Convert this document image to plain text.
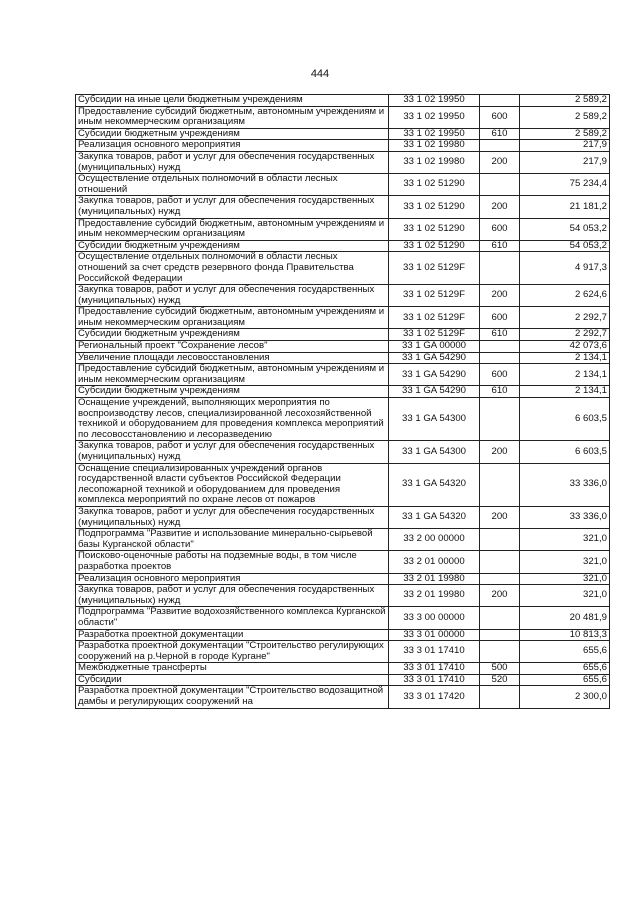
444
Субсидии на иные цели бюджетным учреждениям	33 1 02 19950		2 589,2
Предоставление субсидий бюджетным, автономным учреждениям и иным некоммерческим организациям	33 1 02 19950	600	2 589,2
Субсидии бюджетным учреждениям	33 1 02 19950	610	2 589,2
Реализация основного мероприятия	33 1 02 19980		217,9
Закупка товаров, работ и услуг для обеспечения государственных (муниципальных) нужд	33 1 02 19980	200	217,9
Осуществление отдельных полномочий в области лесных отношений	33 1 02 51290		75 234,4
Закупка товаров, работ и услуг для обеспечения государственных (муниципальных) нужд	33 1 02 51290	200	21 181,2
Предоставление субсидий бюджетным, автономным учреждениям и иным некоммерческим организациям	33 1 02 51290	600	54 053,2
Субсидии бюджетным учреждениям	33 1 02 51290	610	54 053,2
Осуществление отдельных полномочий в области лесных отношений за счет средств резервного фонда Правительства Российской Федерации	33 1 02 5129F		4 917,3
Закупка товаров, работ и услуг для обеспечения государственных (муниципальных) нужд	33 1 02 5129F	200	2 624,6
Предоставление субсидий бюджетным, автономным учреждениям и иным некоммерческим организациям	33 1 02 5129F	600	2 292,7
Субсидии бюджетным учреждениям	33 1 02 5129F	610	2 292,7
Региональный проект "Сохранение лесов"	33 1 GA 00000		42 073,6
Увеличение площади лесовосстановления	33 1 GA 54290		2 134,1
Предоставление субсидий бюджетным, автономным учреждениям и иным некоммерческим организациям	33 1 GA 54290	600	2 134,1
Субсидии бюджетным учреждениям	33 1 GA 54290	610	2 134,1
Оснащение учреждений, выполняющих мероприятия по воспроизводству лесов, специализированной лесохозяйственной техникой и оборудованием для проведения комплекса мероприятий по лесовосстановлению и лесоразведению	33 1 GA 54300		6 603,5
Закупка товаров, работ и услуг для обеспечения государственных (муниципальных) нужд	33 1 GA 54300	200	6 603,5
Оснащение специализированных учреждений органов государственной власти субъектов Российской Федерации лесопожарной техникой и оборудованием для проведения комплекса мероприятий по охране лесов от пожаров	33 1 GA 54320		33 336,0
Закупка товаров, работ и услуг для обеспечения государственных (муниципальных) нужд	33 1 GA 54320	200	33 336,0
Подпрограмма "Развитие и использование минерально-сырьевой базы Курганской области"	33 2 00 00000		321,0
Поисково-оценочные работы на подземные воды, в том числе разработка проектов	33 2 01 00000		321,0
Реализация основного мероприятия	33 2 01 19980		321,0
Закупка товаров, работ и услуг для обеспечения государственных (муниципальных) нужд	33 2 01 19980	200	321,0
Подпрограмма "Развитие водохозяйственного комплекса Курганской области"	33 3 00 00000		20 481,9
Разработка проектной документации	33 3 01 00000		10 813,3
Разработка проектной документации "Строительство регулирующих сооружений на р.Черной в городе Кургане"	33 3 01 17410		655,6
Межбюджетные трансферты	33 3 01 17410	500	655,6
Субсидии	33 3 01 17410	520	655,6
Разработка проектной документации "Строительство водозащитной дамбы и регулирующих сооружений на	33 3 01 17420		2 300,0
